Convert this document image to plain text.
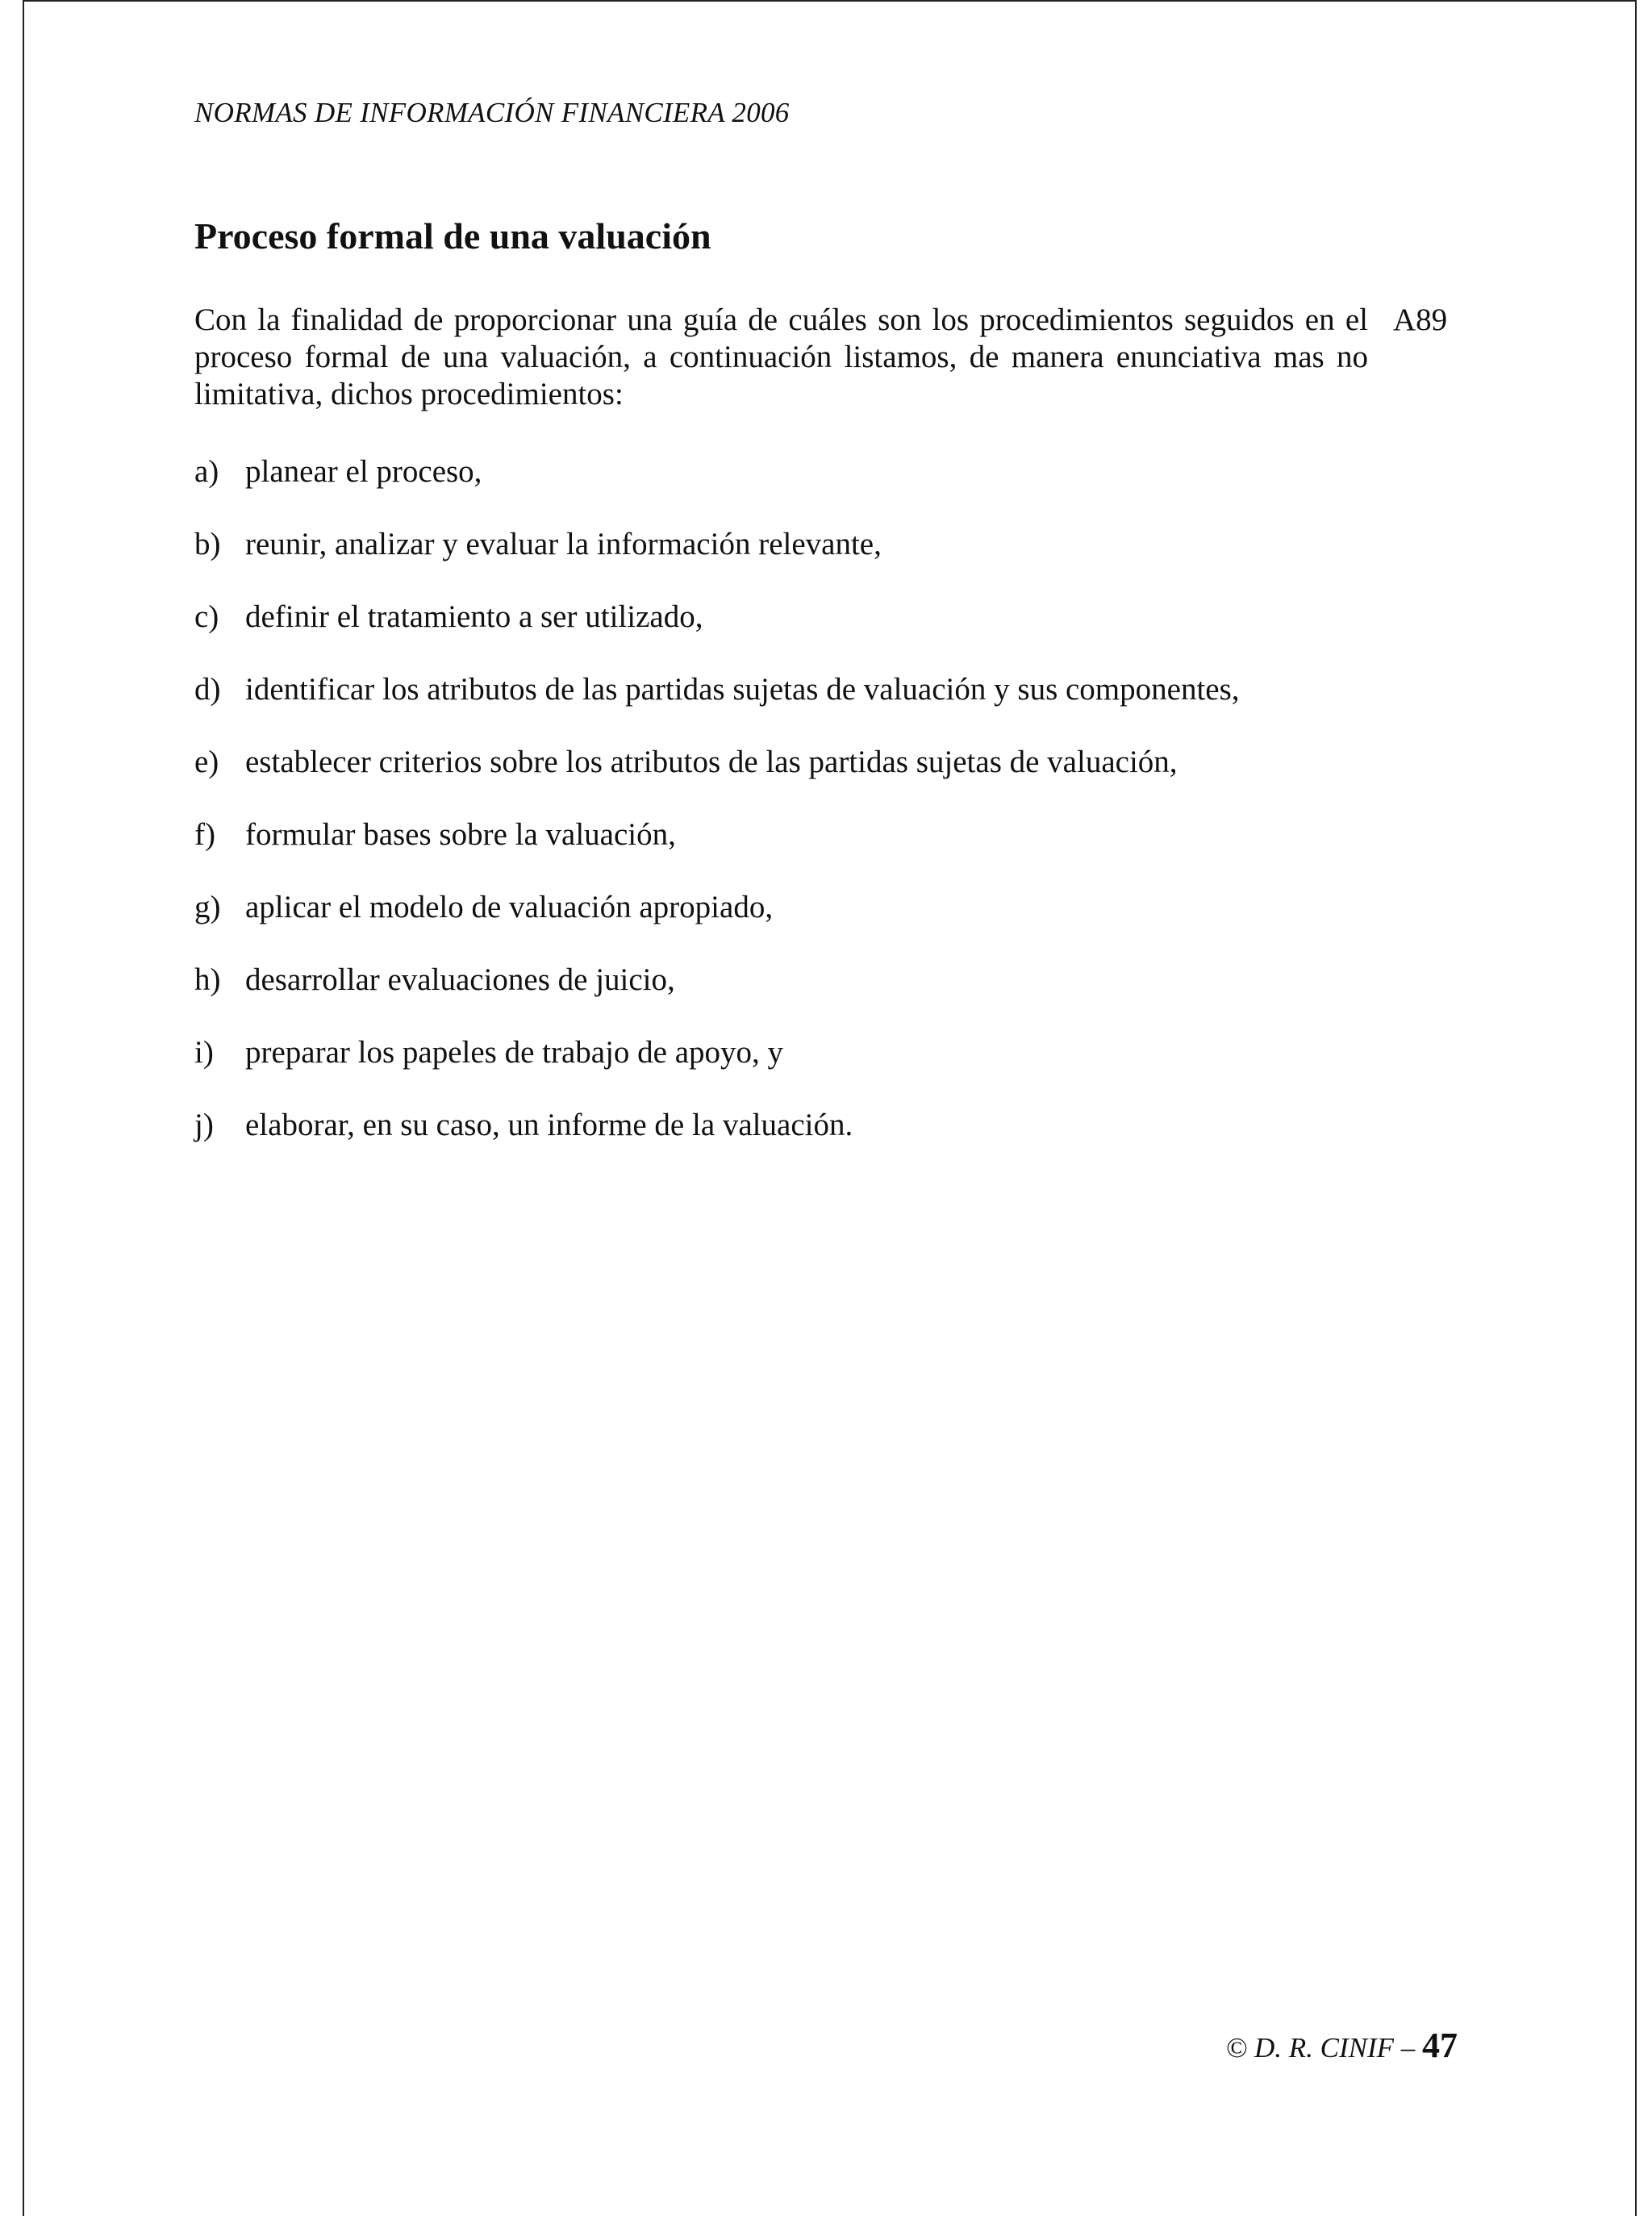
NORMAS DE INFORMACIÓN FINANCIERA 2006
Proceso formal de una valuación

Con la finalidad de proporcionar una guía de cuáles son los procedimientos seguidos en el proceso formal de una valuación, a continuación listamos, de manera enunciativa mas no limitativa, dichos procedimientos:

A89
a) planear el proceso,
b) reunir, analizar y evaluar la información relevante,
c) definir el tratamiento a ser utilizado,
d) identificar los atributos de las partidas sujetas de valuación y sus componentes,
e) establecer criterios sobre los atributos de las partidas sujetas de valuación,
f) formular bases sobre la valuación,
g) aplicar el modelo de valuación apropiado,
h) desarrollar evaluaciones de juicio,
i)	preparar los papeles de trabajo de apoyo, y
j)	elaborar, en su caso, un informe de la valuación.
© D. R. CINIF – 47
